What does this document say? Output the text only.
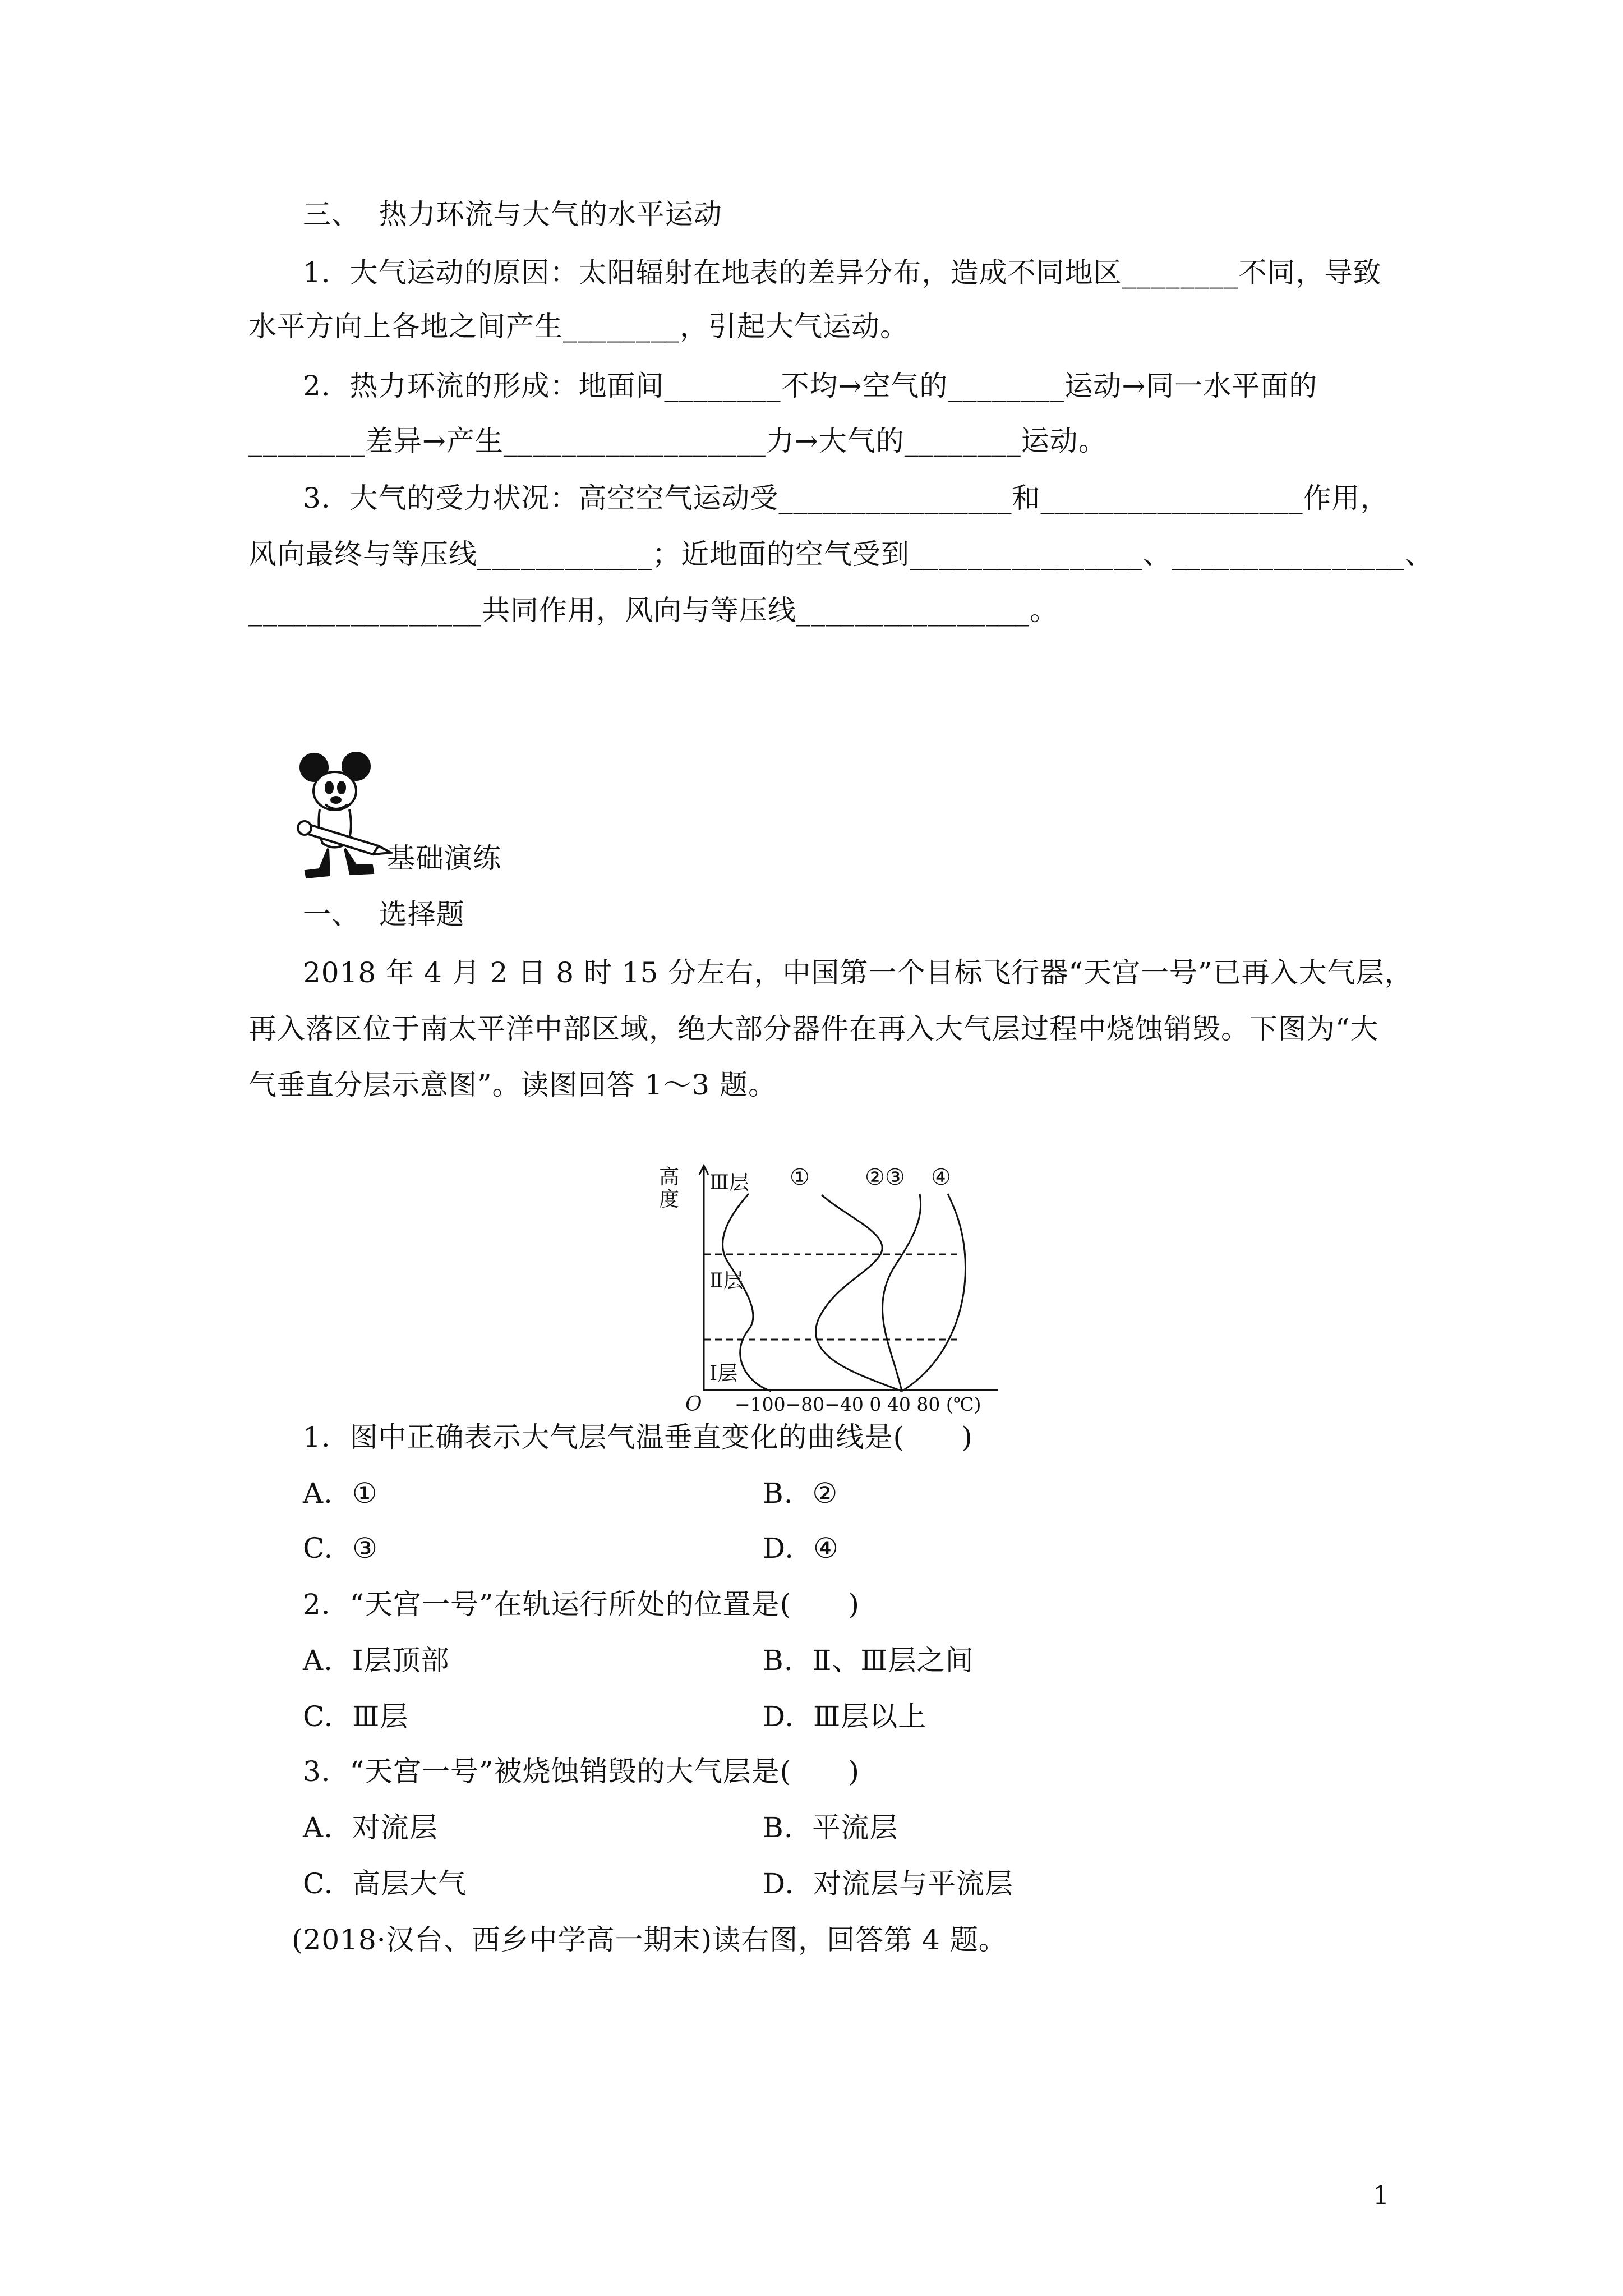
三、  热力环流与大气的水平运动
1.  大气运动的原因：太阳辐射在地表的差异分布，造成不同地区________不同，导致
水平方向上各地之间产生________，引起大气运动。
2.  热力环流的形成：地面间________不均→空气的________运动→同一水平面的
________差异→产生__________________力→大气的________运动。
3.  大气的受力状况：高空空气运动受________________和__________________作用，
风向最终与等压线____________；近地面的空气受到________________、________________、
________________共同作用，风向与等压线________________。
基础演练
一、  选择题
2018 年 4 月 2 日 8 时 15 分左右，中国第一个目标飞行器“天宫一号”已再入大气层，
再入落区位于南太平洋中部区域，绝大部分器件在再入大气层过程中烧蚀销毁。下图为“大
气垂直分层示意图”。读图回答 1～3 题。
高
度
Ⅲ层
Ⅱ层
Ⅰ层
① ②③ ④
O −100−80−40 0 40 80 (℃)
1.  图中正确表示大气层气温垂直变化的曲线是(      )
A.  ①	B.  ②
C.  ③	D.  ④
2.  “天宫一号”在轨运行所处的位置是(      )
A.  Ⅰ层顶部	B.  Ⅱ、Ⅲ层之间
C.  Ⅲ层	D.  Ⅲ层以上
3.  “天宫一号”被烧蚀销毁的大气层是(      )
A.  对流层	B.  平流层
C.  高层大气	D.  对流层与平流层
(2018·汉台、西乡中学高一期末)读右图，回答第 4 题。
1
